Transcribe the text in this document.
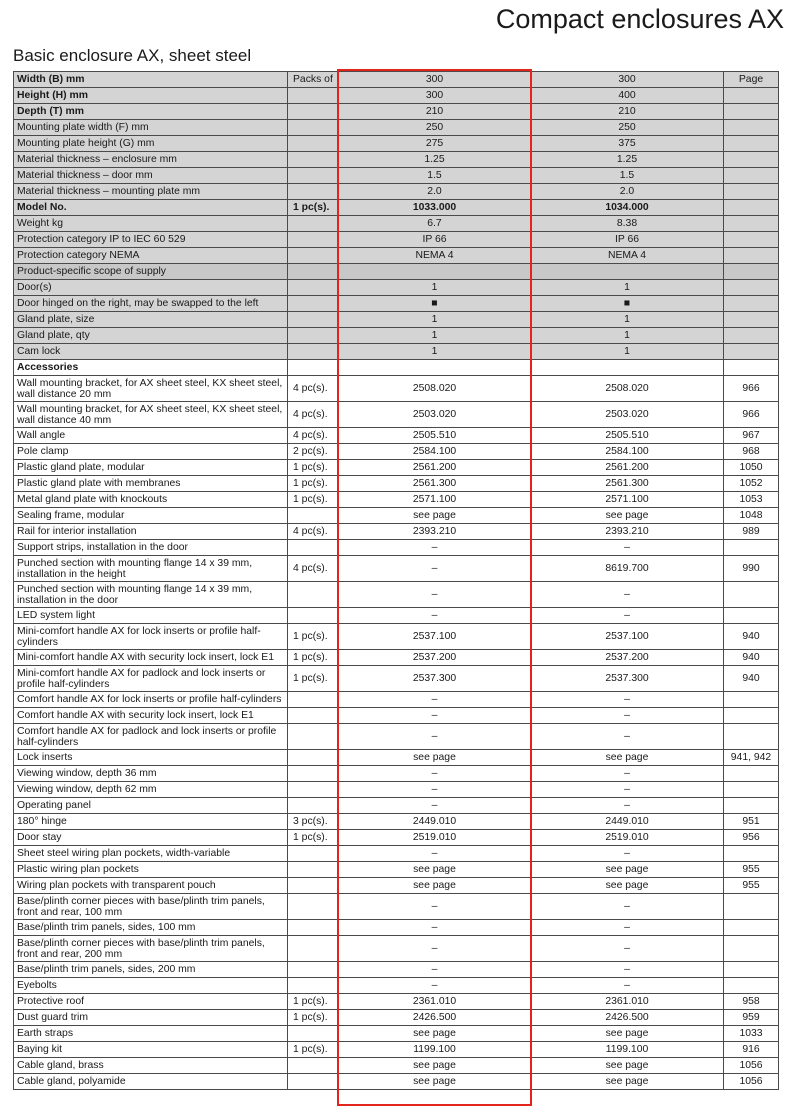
Compact enclosures AX
Basic enclosure AX, sheet steel
Width (B) mm	Packs of	300	300	Page
Height (H) mm		300	400	
Depth (T) mm		210	210	
Mounting plate width (F) mm		250	250	
Mounting plate height (G) mm		275	375	
Material thickness – enclosure mm		1.25	1.25	
Material thickness – door mm		1.5	1.5	
Material thickness – mounting plate mm		2.0	2.0	
Model No.	1 pc(s).	1033.000	1034.000	
Weight kg		6.7	8.38	
Protection category IP to IEC 60 529		IP 66	IP 66	
Protection category NEMA		NEMA 4	NEMA 4	
Product-specific scope of supply				
Door(s)		1	1	
Door hinged on the right, may be swapped to the left		■	■	
Gland plate, size		1	1	
Gland plate, qty		1	1	
Cam lock		1	1	
Accessories				
Wall mounting bracket, for AX sheet steel, KX sheet steel, wall distance 20 mm	4 pc(s).	2508.020	2508.020	966
Wall mounting bracket, for AX sheet steel, KX sheet steel, wall distance 40 mm	4 pc(s).	2503.020	2503.020	966
Wall angle	4 pc(s).	2505.510	2505.510	967
Pole clamp	2 pc(s).	2584.100	2584.100	968
Plastic gland plate, modular	1 pc(s).	2561.200	2561.200	1050
Plastic gland plate with membranes	1 pc(s).	2561.300	2561.300	1052
Metal gland plate with knockouts	1 pc(s).	2571.100	2571.100	1053
Sealing frame, modular		see page	see page	1048
Rail for interior installation	4 pc(s).	2393.210	2393.210	989
Support strips, installation in the door		–	–	
Punched section with mounting flange 14 x 39 mm, installation in the height	4 pc(s).	–	8619.700	990
Punched section with mounting flange 14 x 39 mm, installation in the door		–	–	
LED system light		–	–	
Mini-comfort handle AX for lock inserts or profile half-cylinders	1 pc(s).	2537.100	2537.100	940
Mini-comfort handle AX with security lock insert, lock E1	1 pc(s).	2537.200	2537.200	940
Mini-comfort handle AX for padlock and lock inserts or profile half-cylinders	1 pc(s).	2537.300	2537.300	940
Comfort handle AX for lock inserts or profile half-cylinders		–	–	
Comfort handle AX with security lock insert, lock E1		–	–	
Comfort handle AX for padlock and lock inserts or profile half-cylinders		–	–	
Lock inserts		see page	see page	941, 942
Viewing window, depth 36 mm		–	–	
Viewing window, depth 62 mm		–	–	
Operating panel		–	–	
180° hinge	3 pc(s).	2449.010	2449.010	951
Door stay	1 pc(s).	2519.010	2519.010	956
Sheet steel wiring plan pockets, width-variable		–	–	
Plastic wiring plan pockets		see page	see page	955
Wiring plan pockets with transparent pouch		see page	see page	955
Base/plinth corner pieces with base/plinth trim panels, front and rear, 100 mm		–	–	
Base/plinth trim panels, sides, 100 mm		–	–	
Base/plinth corner pieces with base/plinth trim panels, front and rear, 200 mm		–	–	
Base/plinth trim panels, sides, 200 mm		–	–	
Eyebolts		–	–	
Protective roof	1 pc(s).	2361.010	2361.010	958
Dust guard trim	1 pc(s).	2426.500	2426.500	959
Earth straps		see page	see page	1033
Baying kit	1 pc(s).	1199.100	1199.100	916
Cable gland, brass		see page	see page	1056
Cable gland, polyamide		see page	see page	1056
